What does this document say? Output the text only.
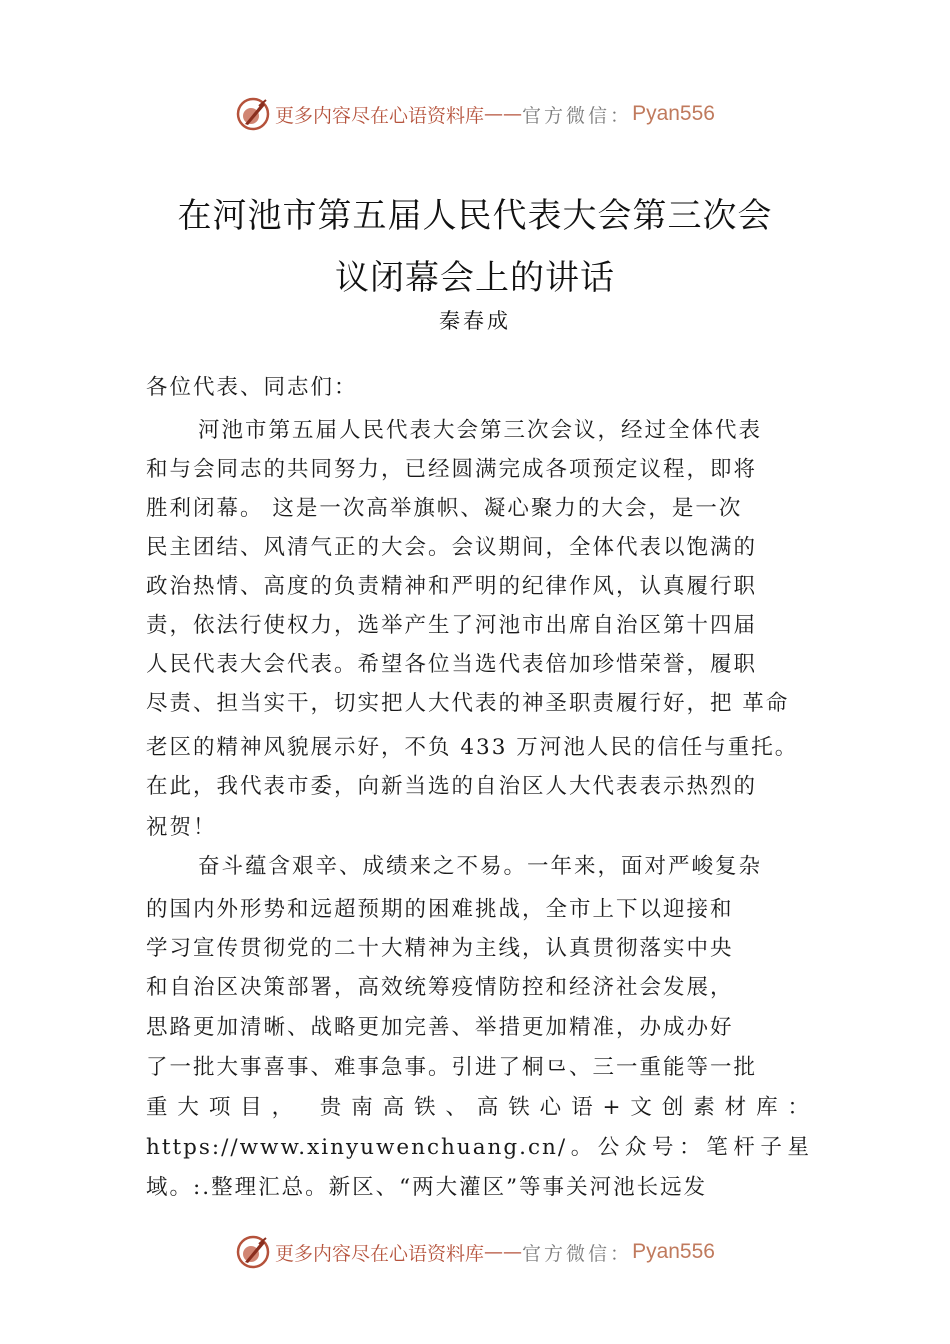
更多内容尽在心语资料库 —— 官方微信： Pyan556
在河池市第五届人民代表大会第三次会
议闭幕会上的讲话
秦春成
各位代表、同志们：
河池市第五届人民代表大会第三次会议，经过全体代表
和与会同志的共同努力，已经圆满完成各项预定议程，即将
胜利闭幕。 这是一次高举旗帜、凝心聚力的大会，是一次
民主团结、风清气正的大会。会议期间，全体代表以饱满的
政治热情、高度的负责精神和严明的纪律作风，认真履行职
责，依法行使权力，选举产生了河池市出席自治区第十四届
人民代表大会代表。希望各位当选代表倍加珍惜荣誉，履职
尽责、担当实干，切实把人大代表的神圣职责履行好，把 革命
老区的精神风貌展示好，不负 433 万河池人民的信任与重托。
在此，我代表市委，向新当选的自治区人大代表表示热烈的
祝贺！
奋斗蕴含艰辛、成绩来之不易。一年来，面对严峻复杂
的国内外形势和远超预期的困难挑战，全市上下以迎接和
学习宣传贯彻党的二十大精神为主线，认真贯彻落实中央
和自治区决策部署，高效统筹疫情防控和经济社会发展，
思路更加清晰、战略更加完善、举措更加精准，办成办好
了一批大事喜事、难事急事。引进了桐⺋、三一重能等一批
重大项目， 贵南高铁、高铁心语+文创素材库：
https://www.xinyuwenchuang.cn/。公众号：笔杆子星
域。:.整理汇总。新区、“两大灌区”等事关河池长远发
更多内容尽在心语资料库 —— 官方微信： Pyan556
